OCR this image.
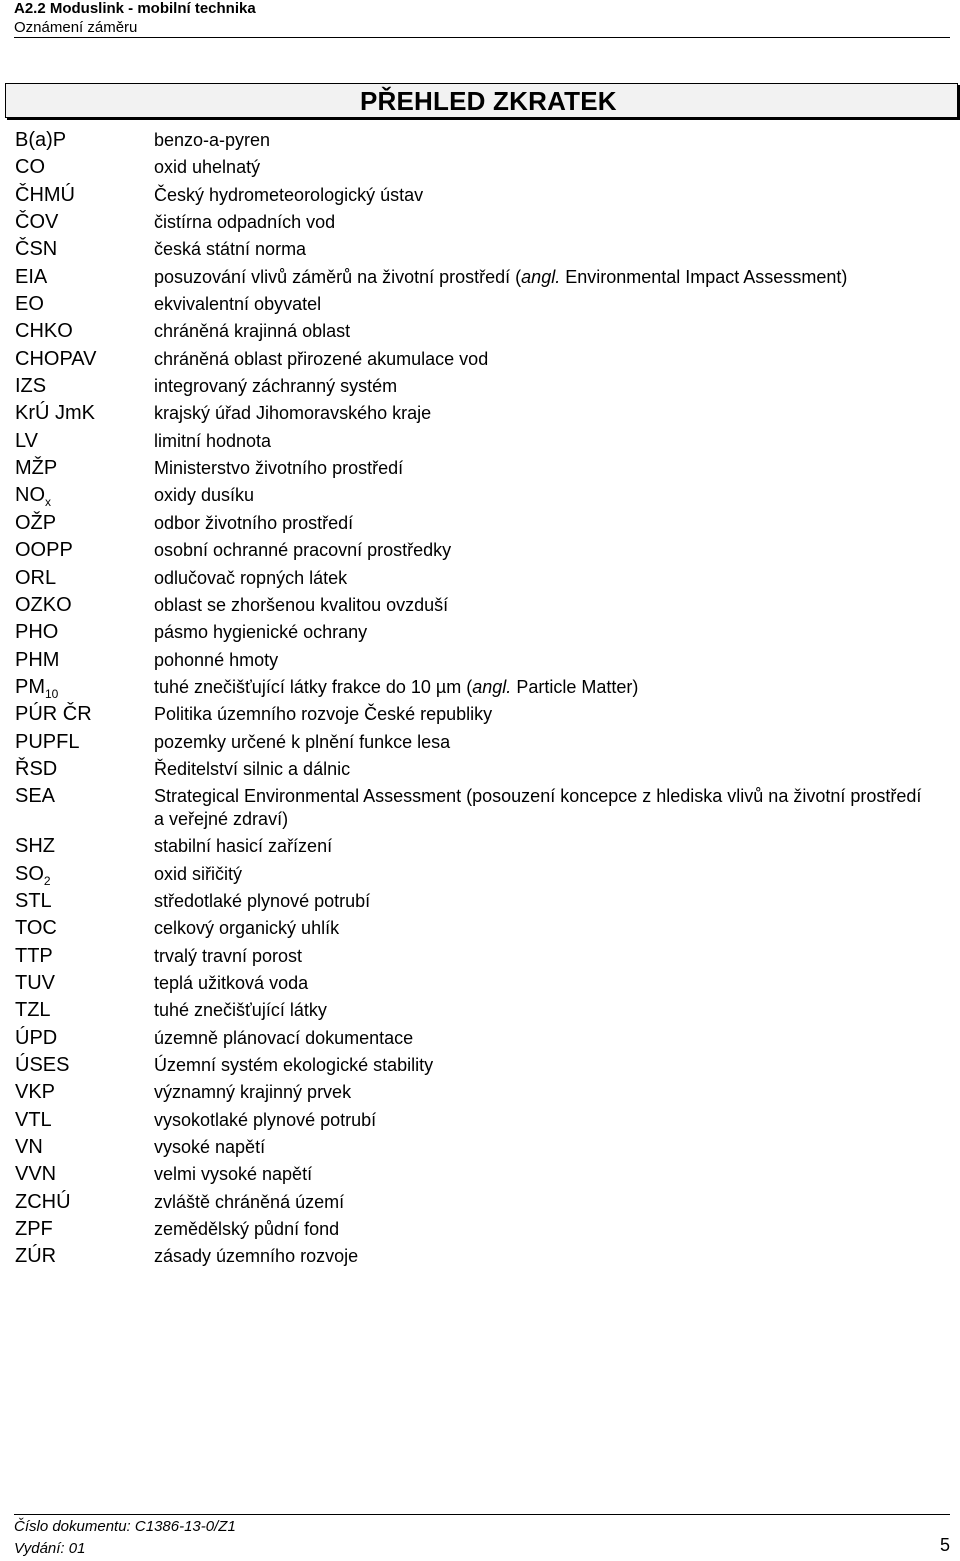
A2.2 Moduslink - mobilní technika
Oznámení záměru
PŘEHLED ZKRATEK
B(a)P	benzo-a-pyren
CO	oxid uhelnatý
ČHMÚ	Český hydrometeorologický ústav
ČOV	čistírna odpadních vod
ČSN	česká státní norma
EIA	posuzování vlivů záměrů na životní prostředí (angl. Environmental Impact Assessment)
EO	ekvivalentní obyvatel
CHKO	chráněná krajinná oblast
CHOPAV	chráněná oblast přirozené akumulace vod
IZS	integrovaný záchranný systém
KrÚ JmK	krajský úřad Jihomoravského kraje
LV	limitní hodnota
MŽP	Ministerstvo životního prostředí
$NO_x$	oxidy dusíku
OŽP	odbor životního prostředí
OOPP	osobní ochranné pracovní prostředky
ORL	odlučovač ropných látek
OZKO	oblast se zhoršenou kvalitou ovzduší
PHO	pásmo hygienické ochrany
PHM	pohonné hmoty
$PM_{10}$	tuhé znečišťující látky frakce do 10 µm (angl. Particle Matter)
PÚR ČR	Politika územního rozvoje České republiky
PUPFL	pozemky určené k plnění funkce lesa
ŘSD	Ředitelství silnic a dálnic
SEA	Strategical Environmental Assessment (posouzení koncepce z hlediska vlivů na životní prostředí a veřejné zdraví)
SHZ	stabilní hasicí zařízení
$SO_2$	oxid siřičitý
STL	středotlaké plynové potrubí
TOC	celkový organický uhlík
TTP	trvalý travní porost
TUV	teplá užitková voda
TZL	tuhé znečišťující látky
ÚPD	územně plánovací dokumentace
ÚSES	Územní systém ekologické stability
VKP	významný krajinný prvek
VTL	vysokotlaké plynové potrubí
VN	vysoké napětí
VVN	velmi vysoké napětí
ZCHÚ	zvláště chráněná území
ZPF	zemědělský půdní fond
ZÚR	zásady územního rozvoje
Číslo dokumentu: C1386-13-0/Z1
Vydání: 01	5
